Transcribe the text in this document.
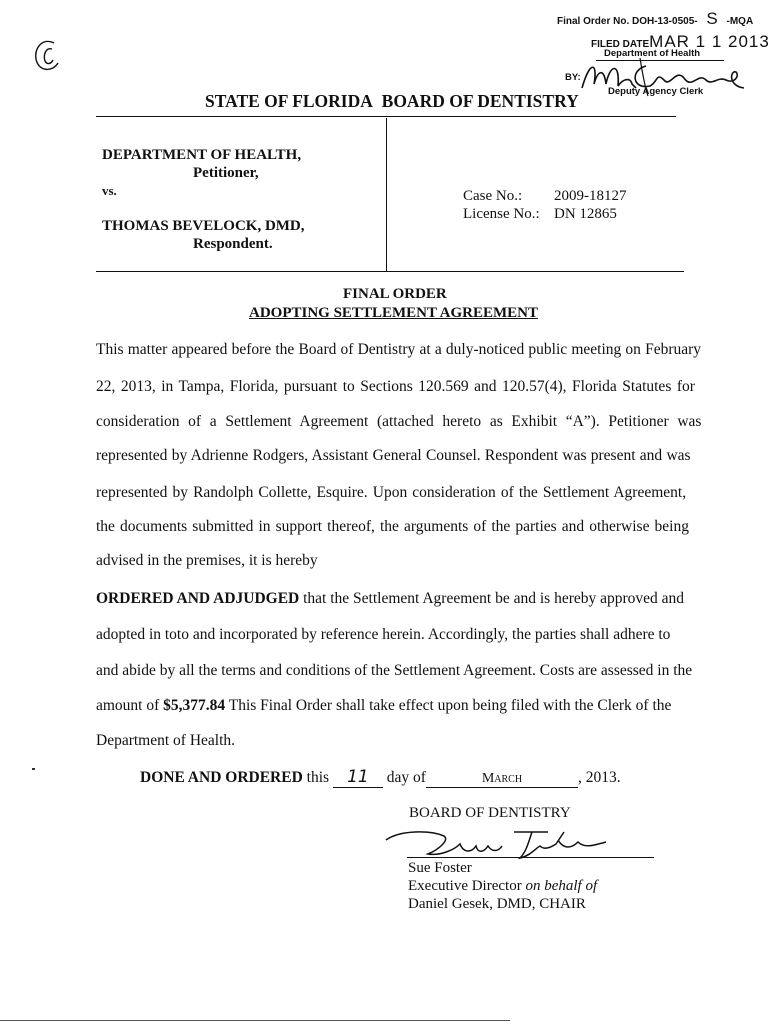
Final Order No. DOH-13-0505- S -MQA
FILED DATEMAR 1 1 2013
Department of Health
BY:
Deputy Agency Clerk
STATE OF FLORIDA BOARD OF DENTISTRY
DEPARTMENT OF HEALTH,
Petitioner,
vs.
THOMAS BEVELOCK, DMD,
Respondent.
Case No.: 2009-18127
License No.: DN 12865
FINAL ORDER
ADOPTING SETTLEMENT AGREEMENT
This matter appeared before the Board of Dentistry at a duly-noticed public meeting on February
22, 2013, in Tampa, Florida, pursuant to Sections 120.569 and 120.57(4), Florida Statutes for
consideration of a Settlement Agreement (attached hereto as Exhibit “A”). Petitioner was
represented by Adrienne Rodgers, Assistant General Counsel. Respondent was present and was
represented by Randolph Collette, Esquire. Upon consideration of the Settlement Agreement,
the documents submitted in support thereof, the arguments of the parties and otherwise being
advised in the premises, it is hereby
ORDERED AND ADJUDGED that the Settlement Agreement be and is hereby approved and
adopted in toto and incorporated by reference herein. Accordingly, the parties shall adhere to
and abide by all the terms and conditions of the Settlement Agreement. Costs are assessed in the
amount of $5,377.84 This Final Order shall take effect upon being filed with the Clerk of the
Department of Health.
DONE AND ORDERED this 11 day of	March	, 2013.
BOARD OF DENTISTRY
Sue Foster
Executive Director on behalf of
Daniel Gesek, DMD, CHAIR
